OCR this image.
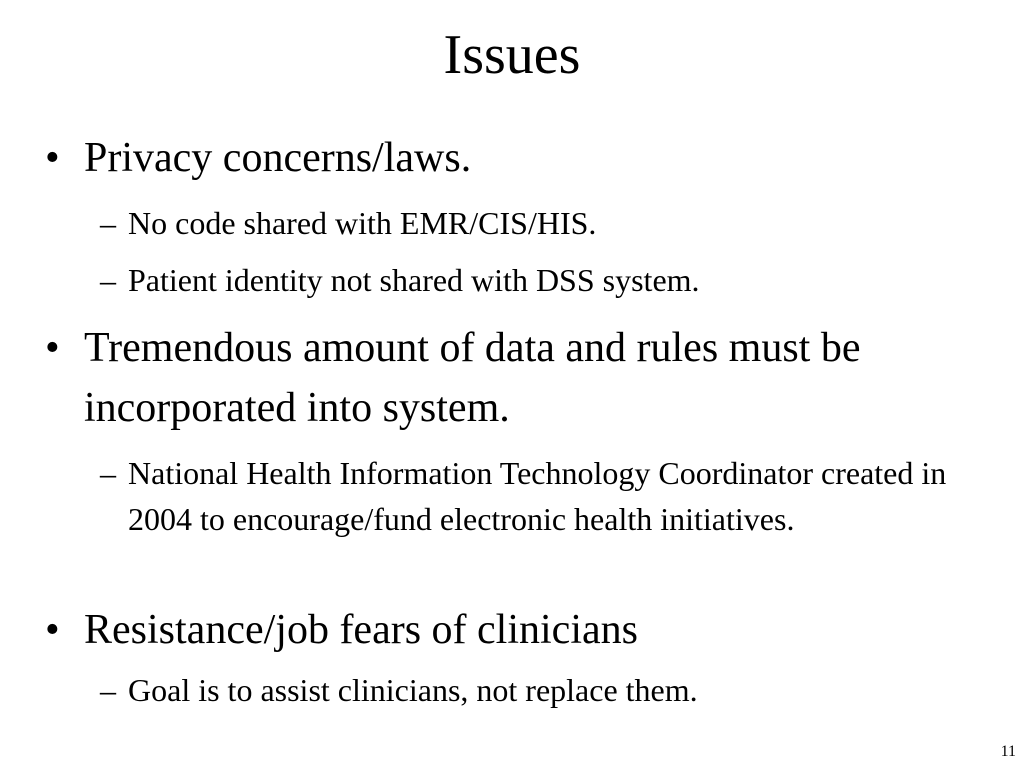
Issues
• Privacy concerns/laws.
– No code shared with EMR/CIS/HIS.
– Patient identity not shared with DSS system.
• Tremendous amount of data and rules must be incorporated into system.
– National Health Information Technology Coordinator created in 2004 to encourage/fund electronic health initiatives.
• Resistance/job fears of clinicians
– Goal is to assist clinicians, not replace them.
11
